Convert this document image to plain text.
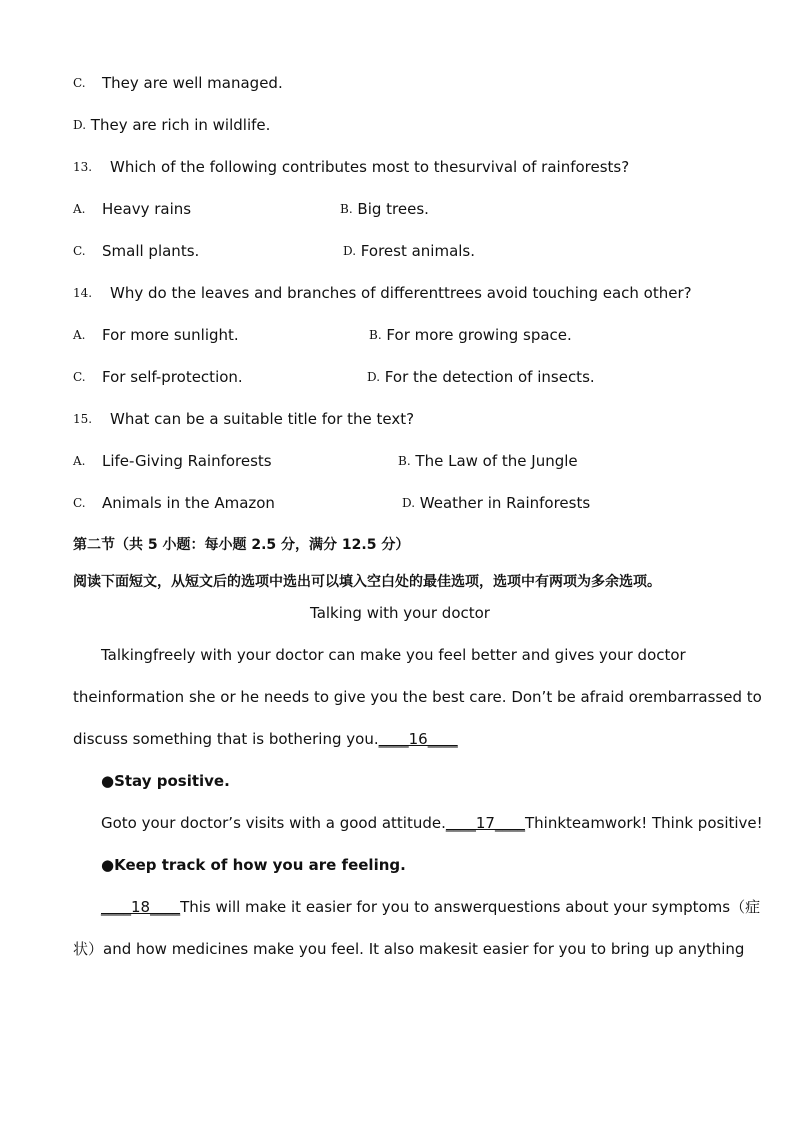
C. They are well managed.
D. They are rich in wildlife.
13. Which of the following contributes most to thesurvival of rainforests?
A. Heavy rains	B. Big trees.
C. Small plants.	D. Forest animals.
14. Why do the leaves and branches of differenttrees avoid touching each other?
A. For more sunlight.	B. For more growing space.
C. For self-protection.	D. For the detection of insects.
15. What can be a suitable title for the text?
A. Life-Giving Rainforests	B. The Law of the Jungle
C. Animals in the Amazon	D. Weather in Rainforests
第二节（共 5 小题：每小题 2.5 分，满分 12.5 分）
阅读下面短文，从短文后的选项中选出可以填入空白处的最佳选项，选项中有两项为多余选项。
Talking with your doctor
Talkingfreely with your doctor can make you feel better and gives your doctor
theinformation she or he needs to give you the best care. Don’t be afraid orembarrassed to
discuss something that is bothering you.____16____
●Stay positive.
Goto your doctor’s visits with a good attitude.____17____Thinkteamwork! Think positive!
●Keep track of how you are feeling.
____18____This will make it easier for you to answerquestions about your symptoms（症
状）and how medicines make you feel. It also makesit easier for you to bring up anything
